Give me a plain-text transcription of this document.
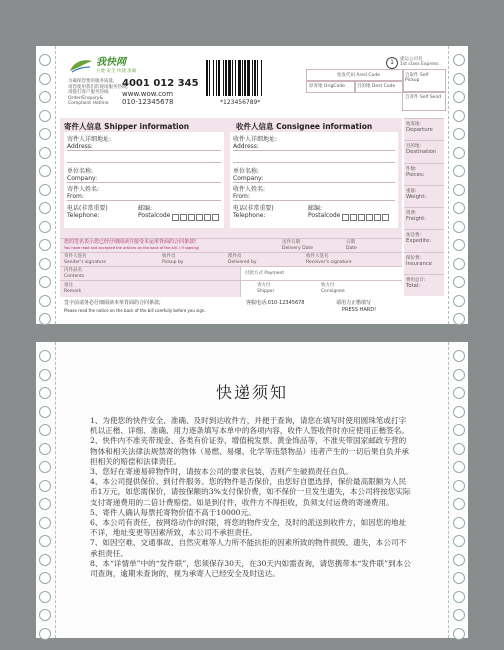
我快网
方便 安全 快捷 准确
为确保您要的服务质量,
请您使用我们的现场服务热线,
请拨打客户服务热线
Order/Enquiry&
Complaint Hotline
4001 012 345
www.wow.com
010-12345678	*123456789*
1	递运公司名
1st class Express
始发代码 Ared Code
原寄地 OrigCode	目的地 Dest Code
自取件 Self Pickup
自寄件 Self Send
寄件人信息 Shipper information	收件人信息 Consignee information
寄件人详细地址:
Address:
单位名称:
Company:
寄件人姓名:
From:
电话(非常重要)
Telephone:
邮编:
Postalcode
收件人详细地址:
Address:
单位名称:
Company:
收件人姓名:
From:
电话(非常重要)
Telephone:
邮编:
Postalcode
始发地:
Departure
目的地:
Destination
件数:
Pieces:
重量:
Weight:
资费:
Freight:
加急费:
Expedite:
保价费:
Insurance
费用总计:
Total:
您的签名表示您已经仔细阅读并接受本运单背面的合同条款!
You have read and accepted the articles on the back of the bill. ( if signing)
送件日期
Delivery Date
日期
Date
寄件人签名
Sender's signature
收件员
Pickup by
派件员
Delivered by
收件人签名
Receiver's signature
内件品名
Contents
付款方式 Payment
备注
Remark
寄方付
Shipper
收方付
Consignee
签字前请务必仔细阅读本单背面的合同条款;
Please read the notice on the back of the bill carefully before you sign.
客服电话:010-12345678	请用力正楷填写
PRESS HARD!
快递须知

1、为使您的快件安全、准确、及时到达收件方，并便于查询，请您在填写时使用圆珠笔或打字机以正楷、详细、准确、用力逐条填写本单中的各项内容，收件人签收件时亦应使用正楷签名。

2、快件内不准夹带现金、各类有价证券、增值税发票、黄金饰品等，不准夹带国家邮政专营的物体和相关法律法规禁寄的物体（易燃、易爆、化学等违禁物品）违者产生的一切后果自负并承担相关的赔偿和法律责任。

3、您好在寄递易碎物件时，请按本公司的要求包装，否则产生破损责任自负。

4、本公司提供保价、到付件服务。您的物件是否保价，由您好自愿选择，保价最高限额为人民币1万元，如您需保价，请按保额的3%支付保价费，如不保价一旦发生遗失，本公司将按您实际支付寄递费用的二倍计费赔偿。如是到付件，收件方不得拒收，负须支付运费的寄递费用。

5、寄件人确认每票托寄物价值不高于10000元。

6、本公司有责任，按网络动作的时限，将您的物件安全，及时的派送到收件方，如因您的地址不详，地址变更等因素所致，本公司不承担责任。

7、如因空难、交通事故、自然灾难等人力所不能抗拒的因素所致的物件损毁、遗失，本公司不承担责任。

8、本“详情单”中的“发件联”，您须保存30天，在30天内如需查询，请您携带本“发件联”到本公司查询，逾期未查询的，视为承寄人已经安全及时送达。
